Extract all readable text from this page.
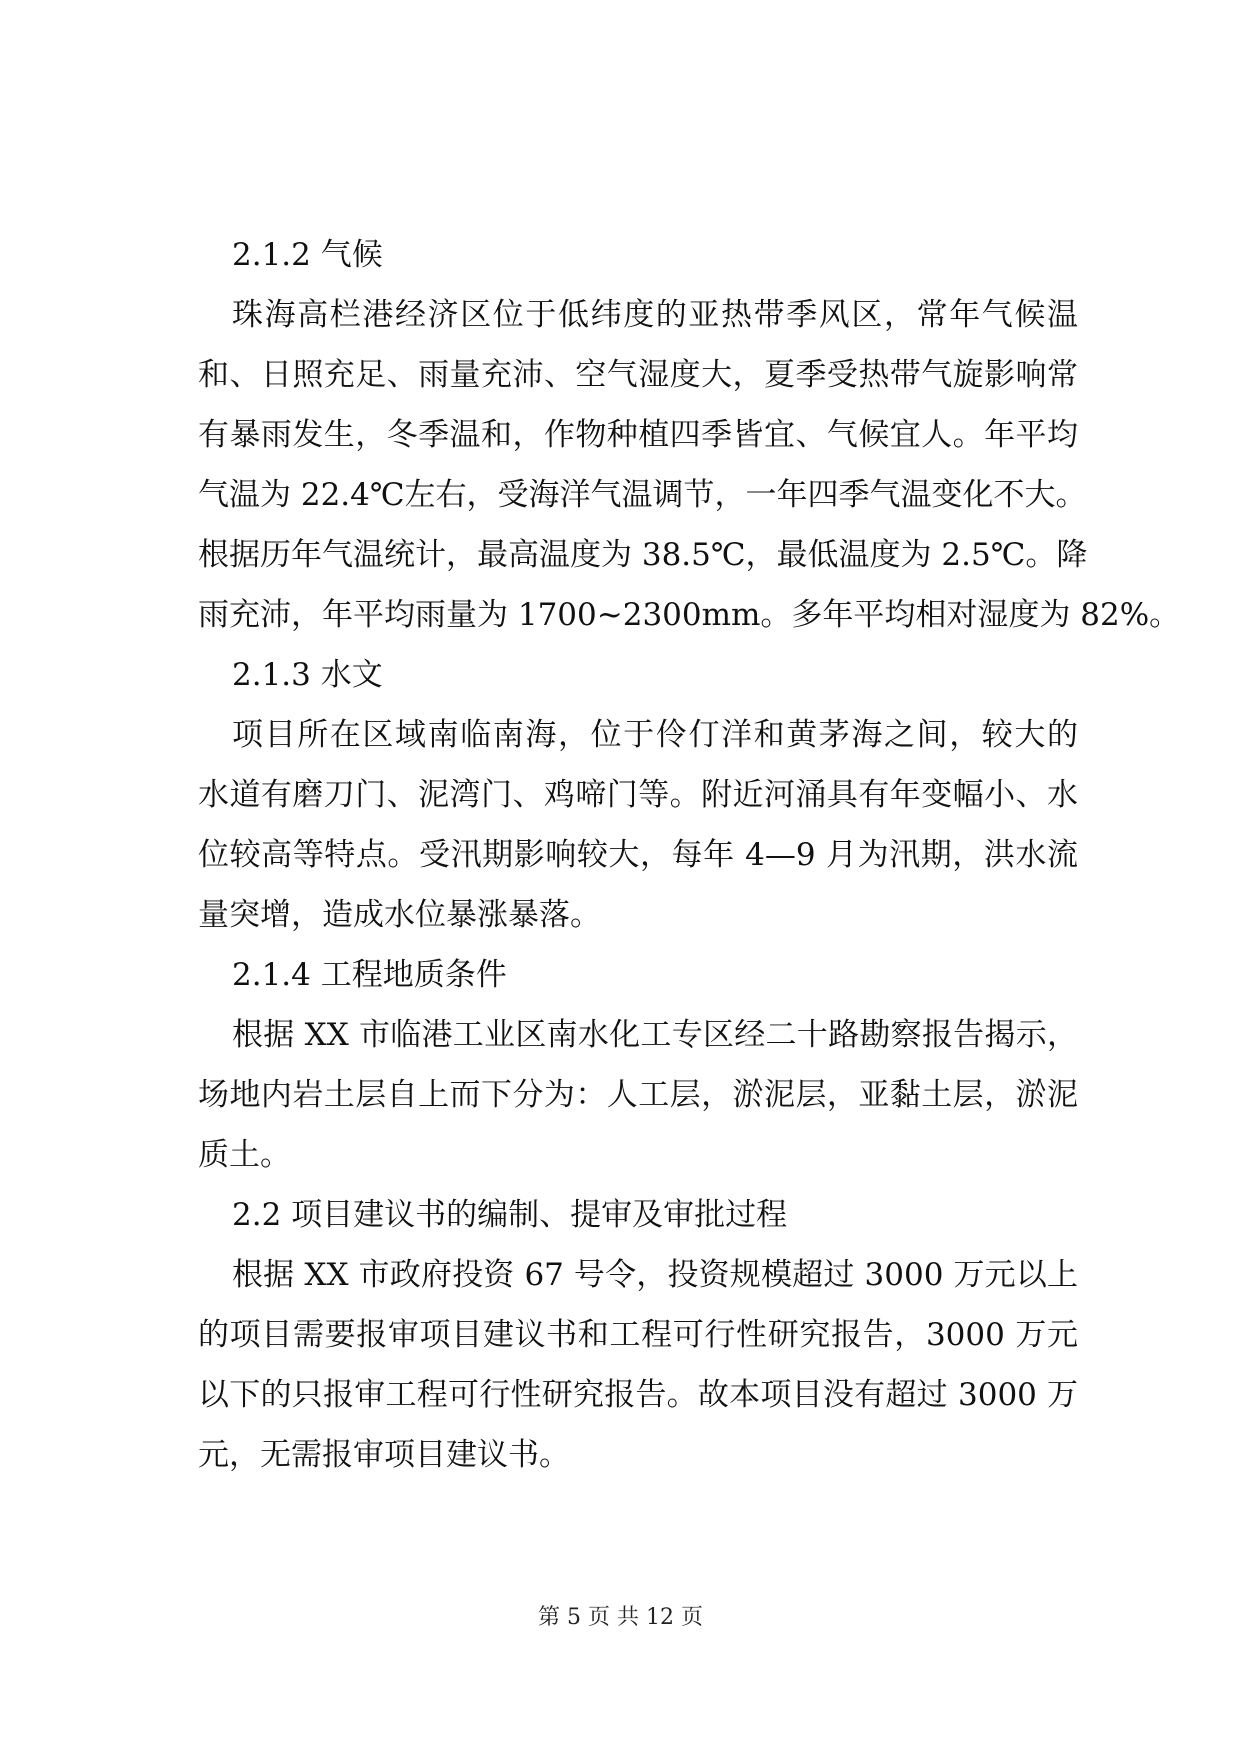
2.1.2 气候

珠海高栏港经济区位于低纬度的亚热带季风区，常年气候温
和、日照充足、雨量充沛、空气湿度大，夏季受热带气旋影响常
有暴雨发生，冬季温和，作物种植四季皆宜、气候宜人。年平均
气温为 22.4℃左右，受海洋气温调节，一年四季气温变化不大。
根据历年气温统计，最高温度为 38.5℃，最低温度为 2.5℃。降
雨充沛，年平均雨量为 1700~2300mm。多年平均相对湿度为 82%。

2.1.3 水文

项目所在区域南临南海，位于伶仃洋和黄茅海之间，较大的
水道有磨刀门、泥湾门、鸡啼门等。附近河涌具有年变幅小、水
位较高等特点。受汛期影响较大，每年 4—9 月为汛期，洪水流
量突增，造成水位暴涨暴落。

2.1.4 工程地质条件

根据 XX 市临港工业区南水化工专区经二十路勘察报告揭示，
场地内岩土层自上而下分为：人工层，淤泥层，亚黏土层，淤泥
质土。

2.2 项目建议书的编制、提审及审批过程

根据 XX 市政府投资 67 号令，投资规模超过 3000 万元以上
的项目需要报审项目建议书和工程可行性研究报告，3000 万元
以下的只报审工程可行性研究报告。故本项目没有超过 3000 万
元，无需报审项目建议书。

第 5 页 共 12 页
